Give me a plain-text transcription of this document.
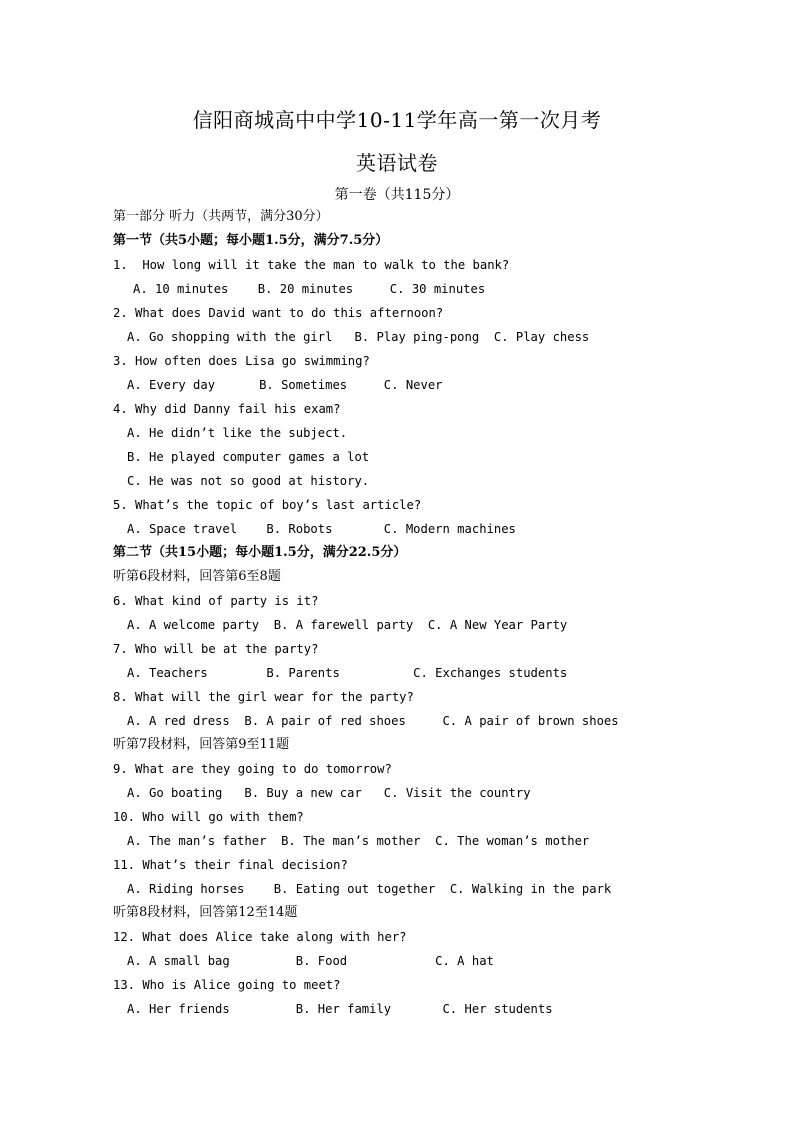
信阳商城高中中学10-11学年高一第一次月考
英语试卷
第一卷（共115分）
第一部分 听力（共两节，满分30分）
第一节（共5小题；每小题1.5分，满分7.5分）
1.  How long will it take the man to walk to the bank?
A. 10 minutes    B. 20 minutes     C. 30 minutes
2. What does David want to do this afternoon?
A. Go shopping with the girl   B. Play ping-pong  C. Play chess
3. How often does Lisa go swimming?
A. Every day      B. Sometimes     C. Never
4. Why did Danny fail his exam?
A. He didn’t like the subject.
B. He played computer games a lot
C. He was not so good at history.
5. What’s the topic of boy’s last article?
A. Space travel    B. Robots       C. Modern machines
第二节（共15小题；每小题1.5分，满分22.5分）
听第6段材料，回答第6至8题
6. What kind of party is it?
A. A welcome party  B. A farewell party  C. A New Year Party
7. Who will be at the party?
A. Teachers        B. Parents          C. Exchanges students
8. What will the girl wear for the party?
A. A red dress  B. A pair of red shoes     C. A pair of brown shoes
听第7段材料，回答第9至11题
9. What are they going to do tomorrow?
A. Go boating   B. Buy a new car   C. Visit the country
10. Who will go with them?
A. The man’s father  B. The man’s mother  C. The woman’s mother
11. What’s their final decision?
A. Riding horses    B. Eating out together  C. Walking in the park
听第8段材料，回答第12至14题
12. What does Alice take along with her?
A. A small bag         B. Food            C. A hat
13. Who is Alice going to meet?
A. Her friends         B. Her family       C. Her students
